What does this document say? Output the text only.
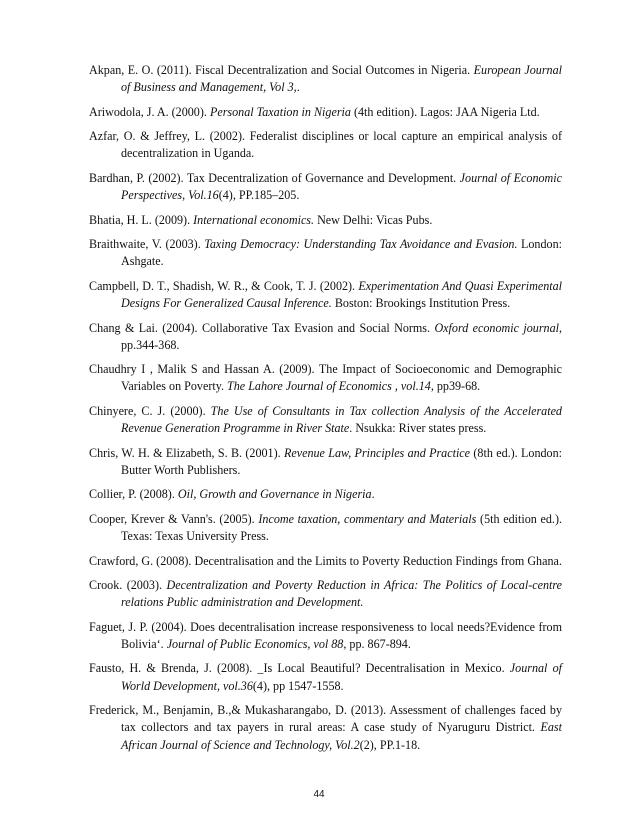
Akpan, E. O. (2011). Fiscal Decentralization and Social Outcomes in Nigeria. European Journal of Business and Management, Vol 3,.

Ariwodola, J. A. (2000). Personal Taxation in Nigeria (4th edition). Lagos: JAA Nigeria Ltd.

Azfar, O. & Jeffrey, L. (2002). Federalist disciplines or local capture an empirical analysis of decentralization in Uganda.

Bardhan, P. (2002). Tax Decentralization of Governance and Development. Journal of Economic Perspectives, Vol.16(4), PP.185–205.

Bhatia, H. L. (2009). International economics. New Delhi: Vicas Pubs.

Braithwaite, V. (2003). Taxing Democracy: Understanding Tax Avoidance and Evasion. London: Ashgate.

Campbell, D. T., Shadish, W. R., & Cook, T. J. (2002). Experimentation And Quasi Experimental Designs For Generalized Causal Inference. Boston: Brookings Institution Press.

Chang & Lai. (2004). Collaborative Tax Evasion and Social Norms. Oxford economic journal, pp.344-368.

Chaudhry I , Malik S and Hassan A. (2009). The Impact of Socioeconomic and Demographic Variables on Poverty. The Lahore Journal of Economics , vol.14, pp39-68.

Chinyere, C. J. (2000). The Use of Consultants in Tax collection Analysis of the Accelerated Revenue Generation Programme in River State. Nsukka: River states press.

Chris, W. H. & Elizabeth, S. B. (2001). Revenue Law, Principles and Practice (8th ed.). London: Butter Worth Publishers.

Collier, P. (2008). Oil, Growth and Governance in Nigeria.

Cooper, Krever & Vann's. (2005). Income taxation, commentary and Materials (5th edition ed.). Texas: Texas University Press.

Crawford, G. (2008). Decentralisation and the Limits to Poverty Reduction Findings from Ghana.

Crook. (2003). Decentralization and Poverty Reduction in Africa: The Politics of Local-centre relations Public administration and Development.

Faguet, J. P. (2004). Does decentralisation increase responsiveness to local needs?Evidence from Bolivia‘. Journal of Public Economics, vol 88, pp. 867-894.

Fausto, H. & Brenda, J. (2008). _Is Local Beautiful? Decentralisation in Mexico. Journal of World Development, vol.36(4), pp 1547-1558.

Frederick, M., Benjamin, B.,& Mukasharangabo, D. (2013). Assessment of challenges faced by tax collectors and tax payers in rural areas: A case study of Nyaruguru District. East African Journal of Science and Technology, Vol.2(2), PP.1-18.

44
